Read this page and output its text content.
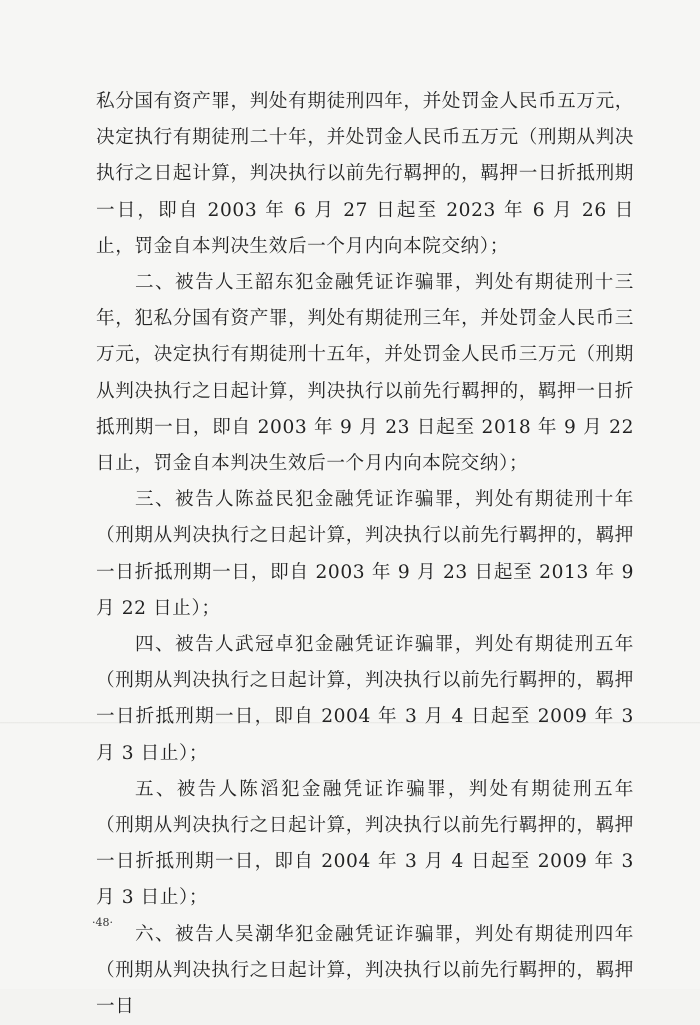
私分国有资产罪，判处有期徒刑四年，并处罚金人民币五万元，决定执行有期徒刑二十年，并处罚金人民币五万元（刑期从判决执行之日起计算，判决执行以前先行羁押的，羁押一日折抵刑期一日，即自 2003 年 6 月 27 日起至 2023 年 6 月 26 日止，罚金自本判决生效后一个月内向本院交纳）；

二、被告人王韶东犯金融凭证诈骗罪，判处有期徒刑十三年，犯私分国有资产罪，判处有期徒刑三年，并处罚金人民币三万元，决定执行有期徒刑十五年，并处罚金人民币三万元（刑期从判决执行之日起计算，判决执行以前先行羁押的，羁押一日折抵刑期一日，即自 2003 年 9 月 23 日起至 2018 年 9 月 22 日止，罚金自本判决生效后一个月内向本院交纳）；

三、被告人陈益民犯金融凭证诈骗罪，判处有期徒刑十年（刑期从判决执行之日起计算，判决执行以前先行羁押的，羁押一日折抵刑期一日，即自 2003 年 9 月 23 日起至 2013 年 9 月 22 日止）；

四、被告人武冠卓犯金融凭证诈骗罪，判处有期徒刑五年（刑期从判决执行之日起计算，判决执行以前先行羁押的，羁押一日折抵刑期一日，即自 2004 年 3 月 4 日起至 2009 年 3 月 3 日止）；

五、被告人陈滔犯金融凭证诈骗罪，判处有期徒刑五年（刑期从判决执行之日起计算，判决执行以前先行羁押的，羁押一日折抵刑期一日，即自 2004 年 3 月 4 日起至 2009 年 3 月 3 日止）；

六、被告人吴潮华犯金融凭证诈骗罪，判处有期徒刑四年（刑期从判决执行之日起计算，判决执行以前先行羁押的，羁押一日

·48·
